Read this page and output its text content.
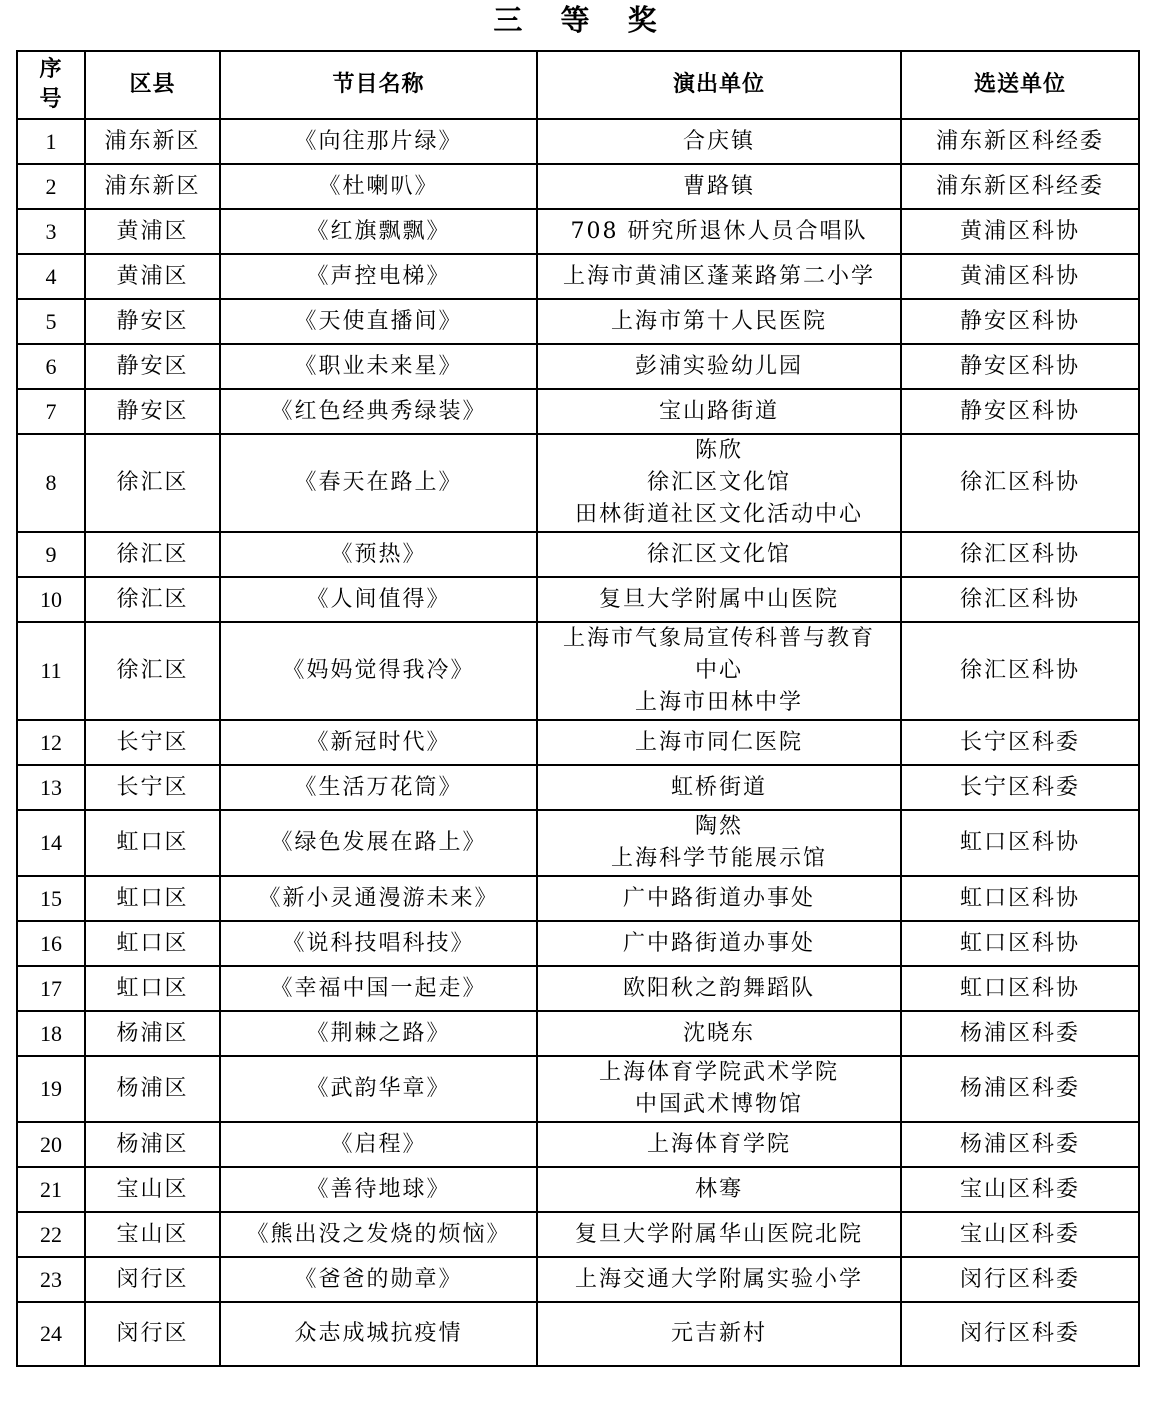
三 等 奖
序号	区县	节目名称	演出单位	选送单位
1	浦东新区	《向往那片绿》	合庆镇	浦东新区科经委
2	浦东新区	《杜喇叭》	曹路镇	浦东新区科经委
3	黄浦区	《红旗飘飘》	708 研究所退休人员合唱队	黄浦区科协
4	黄浦区	《声控电梯》	上海市黄浦区蓬莱路第二小学	黄浦区科协
5	静安区	《天使直播间》	上海市第十人民医院	静安区科协
6	静安区	《职业未来星》	彭浦实验幼儿园	静安区科协
7	静安区	《红色经典秀绿装》	宝山路街道	静安区科协
8	徐汇区	《春天在路上》	陈欣
徐汇区文化馆
田林街道社区文化活动中心	徐汇区科协
9	徐汇区	《预热》	徐汇区文化馆	徐汇区科协
10	徐汇区	《人间值得》	复旦大学附属中山医院	徐汇区科协
11	徐汇区	《妈妈觉得我冷》	上海市气象局宣传科普与教育
中心
上海市田林中学	徐汇区科协
12	长宁区	《新冠时代》	上海市同仁医院	长宁区科委
13	长宁区	《生活万花筒》	虹桥街道	长宁区科委
14	虹口区	《绿色发展在路上》	陶然
上海科学节能展示馆	虹口区科协
15	虹口区	《新小灵通漫游未来》	广中路街道办事处	虹口区科协
16	虹口区	《说科技唱科技》	广中路街道办事处	虹口区科协
17	虹口区	《幸福中国一起走》	欧阳秋之韵舞蹈队	虹口区科协
18	杨浦区	《荆棘之路》	沈晓东	杨浦区科委
19	杨浦区	《武韵华章》	上海体育学院武术学院
中国武术博物馆	杨浦区科委
20	杨浦区	《启程》	上海体育学院	杨浦区科委
21	宝山区	《善待地球》	林骞	宝山区科委
22	宝山区	《熊出没之发烧的烦恼》	复旦大学附属华山医院北院	宝山区科委
23	闵行区	《爸爸的勋章》	上海交通大学附属实验小学	闵行区科委
24	闵行区	众志成城抗疫情	元吉新村	闵行区科委
